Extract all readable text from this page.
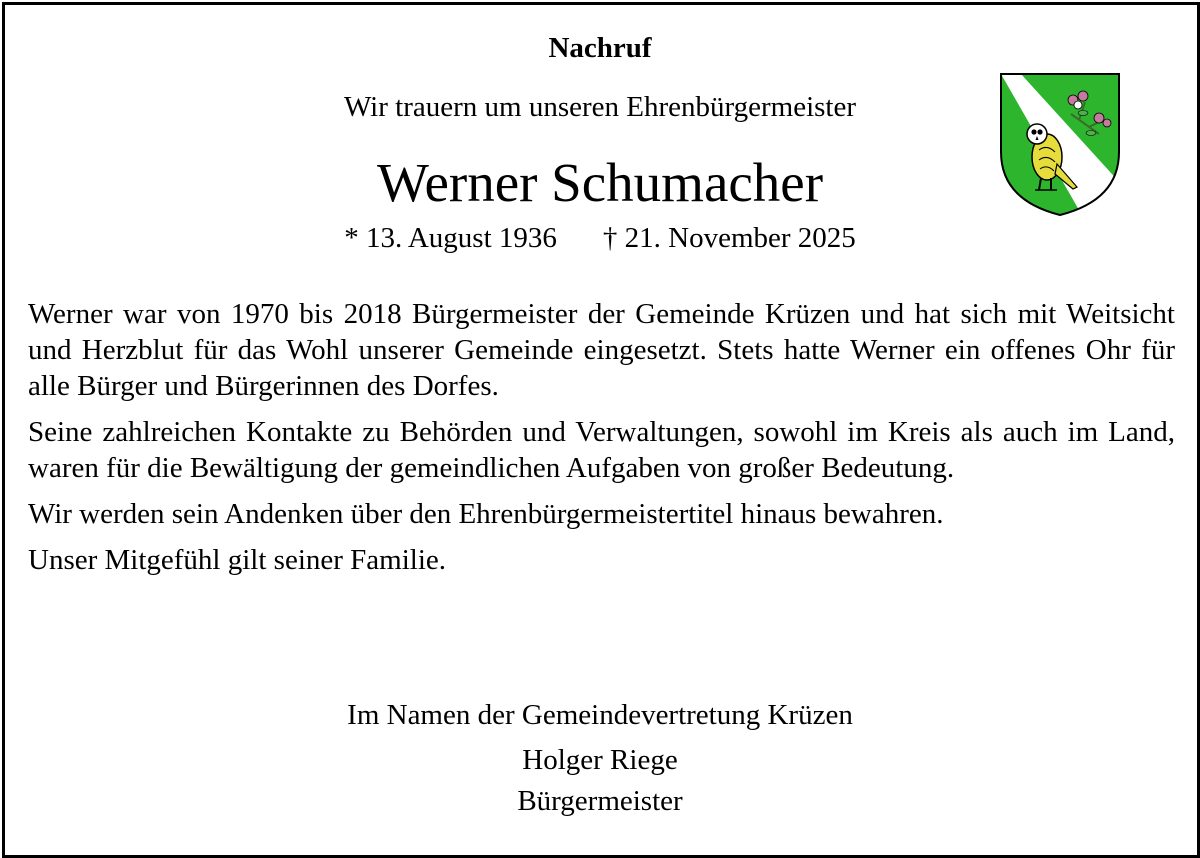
Nachruf
Wir trauern um unseren Ehrenbürgermeister
Werner Schumacher
* 13. August 1936 † 21. November 2025

Werner war von 1970 bis 2018 Bürgermeister der Gemeinde Krüzen und hat sich mit Weitsicht und Herzblut für das Wohl unserer Gemeinde eingesetzt. Stets hatte Werner ein offenes Ohr für alle Bürger und Bürgerinnen des Dorfes.

Seine zahlreichen Kontakte zu Behörden und Verwaltungen, sowohl im Kreis als auch im Land, waren für die Bewältigung der gemeindlichen Aufgaben von großer Bedeutung.

Wir werden sein Andenken über den Ehrenbürgermeistertitel hinaus bewahren.

Unser Mitgefühl gilt seiner Familie.

Im Namen der Gemeindevertretung Krüzen
Holger Riege
Bürgermeister
